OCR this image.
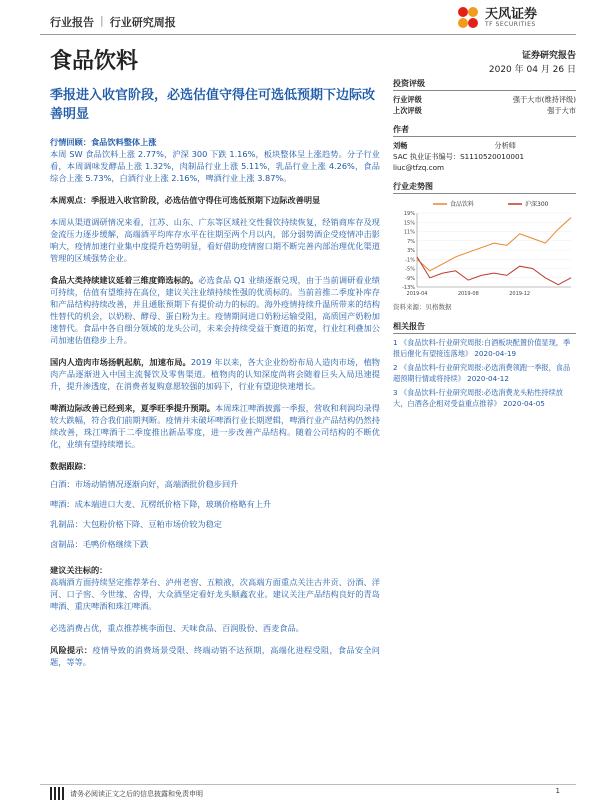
行业报告 | 行业研究周报
天风证券
TF SECURITIES
食品饮料	证券研究报告
2020 年 04 月 26 日
季报进入收官阶段，必选估值守得住可选低预期下边际改善明显
行情回顾：食品饮料整体上涨

本周 SW 食品饮料上涨 2.77%，沪深 300 下跌 1.16%，板块整体呈上涨趋势。分子行业看，本周调味发酵品上涨 1.32%，肉制品行业上涨 5.11%，乳品行业上涨 4.26%，食品综合上涨 5.73%，白酒行业上涨 2.16%，啤酒行业上涨 3.87%。

本周观点：季报进入收官阶段，必选估值守得住可选低预期下边际改善明显

本周从渠道调研情况来看，江苏、山东、广东等区域社交性餐饮持续恢复，经销商库存及现金流压力逐步缓解，高端酒平均库存水平在往期至两个月以内，部分弱势酒企受疫情冲击影响大，疫情加速行业集中度提升趋势明显，看好借助疫情窗口期不断完善内部治理优化渠道管理的区域强势企业。

食品大类持续建议延着三维度筛选标的。必选食品 Q1 业绩逐渐兑现，由于当前调研看业绩可持续，估值有望维持在高位，建议关注业绩持续性强的优质标的。当前首推二季度补库存和产品结构持续改善，并且通胀预期下有提价动力的标的。海外疫情持续升温所带来的结构性替代的机会，以奶粉、酵母、蛋白粉为主。疫情期间进口奶粉运输受阻，高质国产奶粉加速替代。食品中各自细分领域的龙头公司，未来会持续受益于赛道的拓宽，行业红利叠加公司加速估值稳步上升。

国内人造肉市场扬帆起航，加速布局。2019 年以来，各大企业纷纷布局人造肉市场，植物肉产品逐渐进入中国主流餐饮及零售渠道。植物肉的认知深度尚将会随着巨头入局迅速提升，提升渗透度，在消费者复购意愿较强的加码下，行业有望迎快速增长。

啤酒边际改善已经到来，夏季旺季提升预期。本周珠江啤酒披露一季报，营收和利润均录得较大跌幅，符合我们前期判断。疫情并未破坏啤酒行业长期逻辑，啤酒行业产品结构仍然持续改善，珠江啤酒于二季度推出新品零度，进一步改善产品结构。随着公司结构的不断优化，业绩有望持续增长。

数据跟踪：
白酒：市场动销情况逐渐向好，高端酒批价稳步回升
啤酒：成本端进口大麦、瓦楞纸价格下降，玻璃价格略有上升
乳制品：大包粉价格下降、豆粕市场价较为稳定
卤制品：毛鸭价格继续下跌
建议关注标的：

高端酒方面持续坚定推荐茅台、泸州老窖、五粮液，次高端方面重点关注古井贡、汾酒、洋河、口子窖、今世缘、舍得，大众酒坚定看好龙头顺鑫农业。建议关注产品结构良好的青岛啤酒、重庆啤酒和珠江啤酒。

必选消费占优，重点推荐桃李面包、天味食品、百润股份、西麦食品。

风险提示：疫情导致的消费场景受限、终端动销不达预期，高端化进程受阻，食品安全问题，等等。

投资评级
行业评级	强于大市(维持评级)
上次评级	强于大市
作者
刘畅	分析师
SAC 执业证书编号：S1110520010001
liuc@tfzq.com
行业走势图
-13%
-9%
-5%
-1%
3%
7%
11%
15%
19%
2019-04	2019-08	2019-12
食品饮料	沪深300
资料来源：贝格数据
相关报告

1 《食品饮料-行业研究周报:白酒板块配置价值显现，季报后催化有望接连落地》 2020-04-19

2 《食品饮料-行业研究周报:必选消费领跑一季报，食品超预期行情或将持续》 2020-04-12

3 《食品饮料-行业研究周报:必选消费龙头粘性持续放大，白酒各企相对受益重点推荐》 2020-04-05

请务必阅读正文之后的信息披露和免责申明	1
